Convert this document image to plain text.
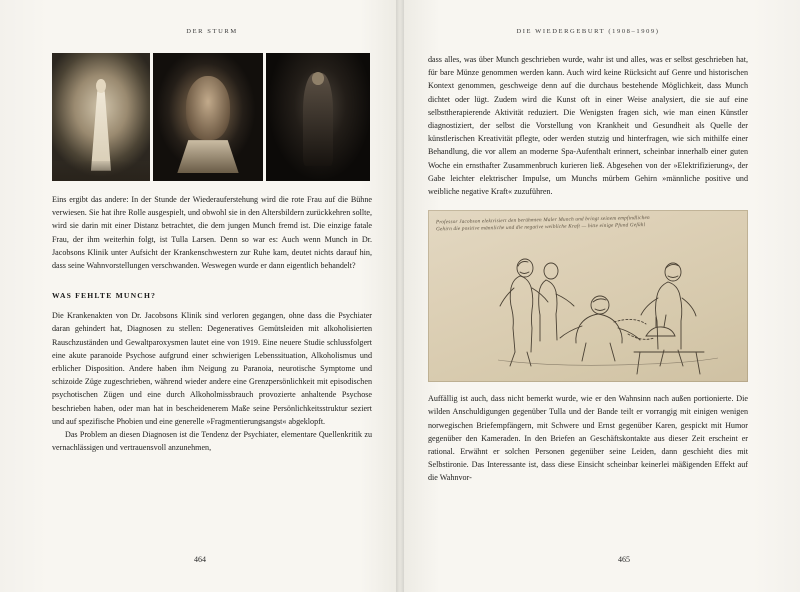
DER STURM

Eins ergibt das andere: In der Stunde der Wiederauferstehung wird die rote Frau auf die Bühne verwiesen. Sie hat ihre Rolle ausgespielt, und obwohl sie in den Altersbildern zurückkehren sollte, wird sie darin mit einer Distanz betrachtet, die dem jungen Munch fremd ist. Die einzige fatale Frau, der ihm weiterhin folgt, ist Tulla Larsen. Denn so war es: Auch wenn Munch in Dr. Jacobsons Klinik unter Aufsicht der Krankenschwestern zur Ruhe kam, deutet nichts darauf hin, dass seine Wahnvorstellungen verschwanden. Weswegen wurde er dann eigentlich behandelt?

WAS FEHLTE MUNCH?

Die Krankenakten von Dr. Jacobsons Klinik sind verloren gegangen, ohne dass die Psychiater daran gehindert hat, Diagnosen zu stellen: Degeneratives Gemütsleiden mit alkoholisierten Rauschzuständen und Gewaltparoxysmen lautet eine von 1919. Eine neuere Studie schlussfolgert eine akute paranoide Psychose aufgrund einer schwierigen Lebenssituation, Alkoholismus und erblicher Disposition. Andere haben ihm Neigung zu Paranoia, neurotische Symptome und schizoide Züge zugeschrieben, während wieder andere eine Grenzpersönlichkeit mit episodischen psychotischen Zügen und eine durch Alkoholmissbrauch provozierte anhaltende Psychose beschrieben haben, oder man hat in bescheidenerem Maße seine Persönlichkeitsstruktur seziert und auf spezifische Phobien und eine generelle »Fragmentierungsangst« abgeklopft.

Das Problem an diesen Diagnosen ist die Tendenz der Psychiater, elementare Quellenkritik zu vernachlässigen und vertrauensvoll anzunehmen,

464
DIE WIEDERGEBURT (1908–1909)

dass alles, was über Munch geschrieben wurde, wahr ist und alles, was er selbst geschrieben hat, für bare Münze genommen werden kann. Auch wird keine Rücksicht auf Genre und historischen Kontext genommen, geschweige denn auf die durchaus bestehende Möglichkeit, dass Munch dichtet oder lügt. Zudem wird die Kunst oft in einer Weise analysiert, die sie auf eine selbsttherapierende Aktivität reduziert. Die Wenigsten fragen sich, wie man einen Künstler diagnostiziert, der selbst die Vorstellung von Krankheit und Gesundheit als Quelle der künstlerischen Kreativität pflegte, oder werden stutzig und hinterfragen, wie sich mithilfe einer Behandlung, die vor allem an moderne Spa-Aufenthalt erinnert, scheinbar innerhalb einer guten Woche ein ernsthafter Zusammenbruch kurieren ließ. Abgesehen von der »Elektrifizierung«, der Gabe leichter elektrischer Impulse, um Munchs mürbem Gehirn »männliche positive und weibliche negative Kraft« zuzuführen.

Professor Jacobson elektrisiert den berühmten Maler Munch und bringt seinem empfindlichen Gehirn die positive männliche und die negative weibliche Kraft — bitte einige Pfund Gefühl

Auffällig ist auch, dass nicht bemerkt wurde, wie er den Wahnsinn nach außen portionierte. Die wilden Anschuldigungen gegenüber Tulla und der Bande teilt er vorrangig mit einigen wenigen norwegischen Briefempfängern, mit Schwere und Ernst gegenüber Karen, gespickt mit Humor gegenüber den Kameraden. In den Briefen an Geschäftskontakte aus dieser Zeit erscheint er rational. Erwähnt er solchen Personen gegenüber seine Leiden, dann geschieht dies mit Selbstironie. Das Interessante ist, dass diese Einsicht scheinbar keinerlei mäßigenden Effekt auf die Wahnvor-

465
